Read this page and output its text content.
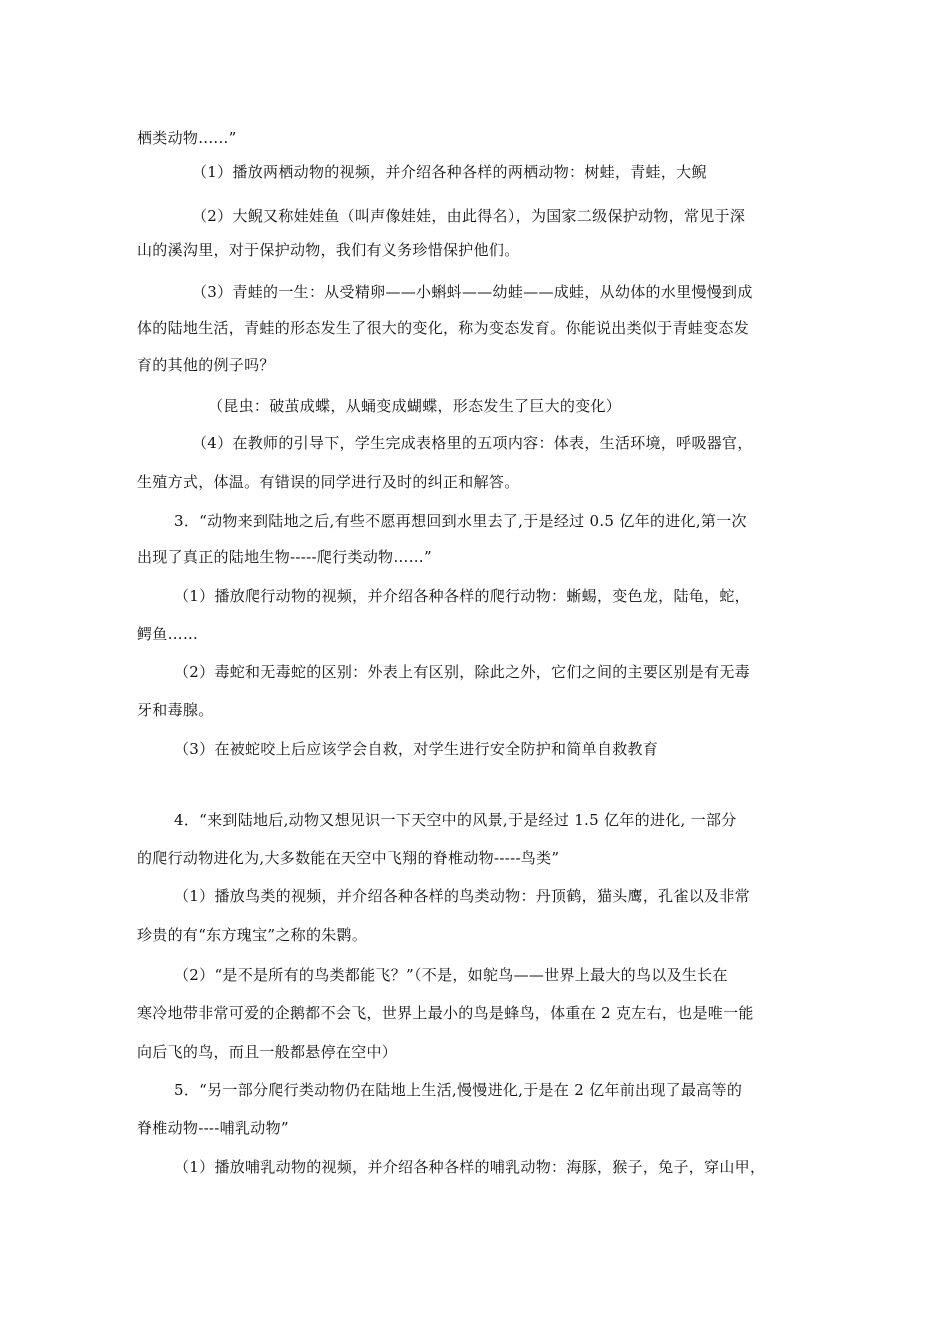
栖类动物......”
（1）播放两栖动物的视频，并介绍各种各样的两栖动物：树蛙，青蛙，大鲵
（2）大鲵又称娃娃鱼（叫声像娃娃，由此得名），为国家二级保护动物，常见于深
山的溪沟里，对于保护动物，我们有义务珍惜保护他们。
（3）青蛙的一生：从受精卵——小蝌蚪——幼蛙——成蛙，从幼体的水里慢慢到成
体的陆地生活，青蛙的形态发生了很大的变化，称为变态发育。你能说出类似于青蛙变态发
育的其他的例子吗？
（昆虫：破茧成蝶，从蛹变成蝴蝶，形态发生了巨大的变化）
（4）在教师的引导下，学生完成表格里的五项内容：体表，生活环境，呼吸器官，
生殖方式，体温。有错误的同学进行及时的纠正和解答。
3．“动物来到陆地之后,有些不愿再想回到水里去了,于是经过 0.5 亿年的进化,第一次
出现了真正的陆地生物-----爬行类动物……”
（1）播放爬行动物的视频，并介绍各种各样的爬行动物：蜥蜴，变色龙，陆龟，蛇，
鳄鱼……
（2）毒蛇和无毒蛇的区别：外表上有区别，除此之外，它们之间的主要区别是有无毒
牙和毒腺。
（3）在被蛇咬上后应该学会自救，对学生进行安全防护和简单自救教育
4．“来到陆地后,动物又想见识一下天空中的风景,于是经过 1.5 亿年的进化, 一部分
的爬行动物进化为,大多数能在天空中飞翔的脊椎动物-----鸟类”
（1）播放鸟类的视频，并介绍各种各样的鸟类动物：丹顶鹤，猫头鹰，孔雀以及非常
珍贵的有“东方瑰宝”之称的朱鹮。
（2）“是不是所有的鸟类都能飞？”（不是，如鸵鸟——世界上最大的鸟以及生长在
寒冷地带非常可爱的企鹅都不会飞，世界上最小的鸟是蜂鸟，体重在 2 克左右，也是唯一能
向后飞的鸟，而且一般都悬停在空中）
5．“另一部分爬行类动物仍在陆地上生活,慢慢进化,于是在 2 亿年前出现了最高等的
脊椎动物----哺乳动物”
（1）播放哺乳动物的视频，并介绍各种各样的哺乳动物：海豚，猴子，兔子，穿山甲，
